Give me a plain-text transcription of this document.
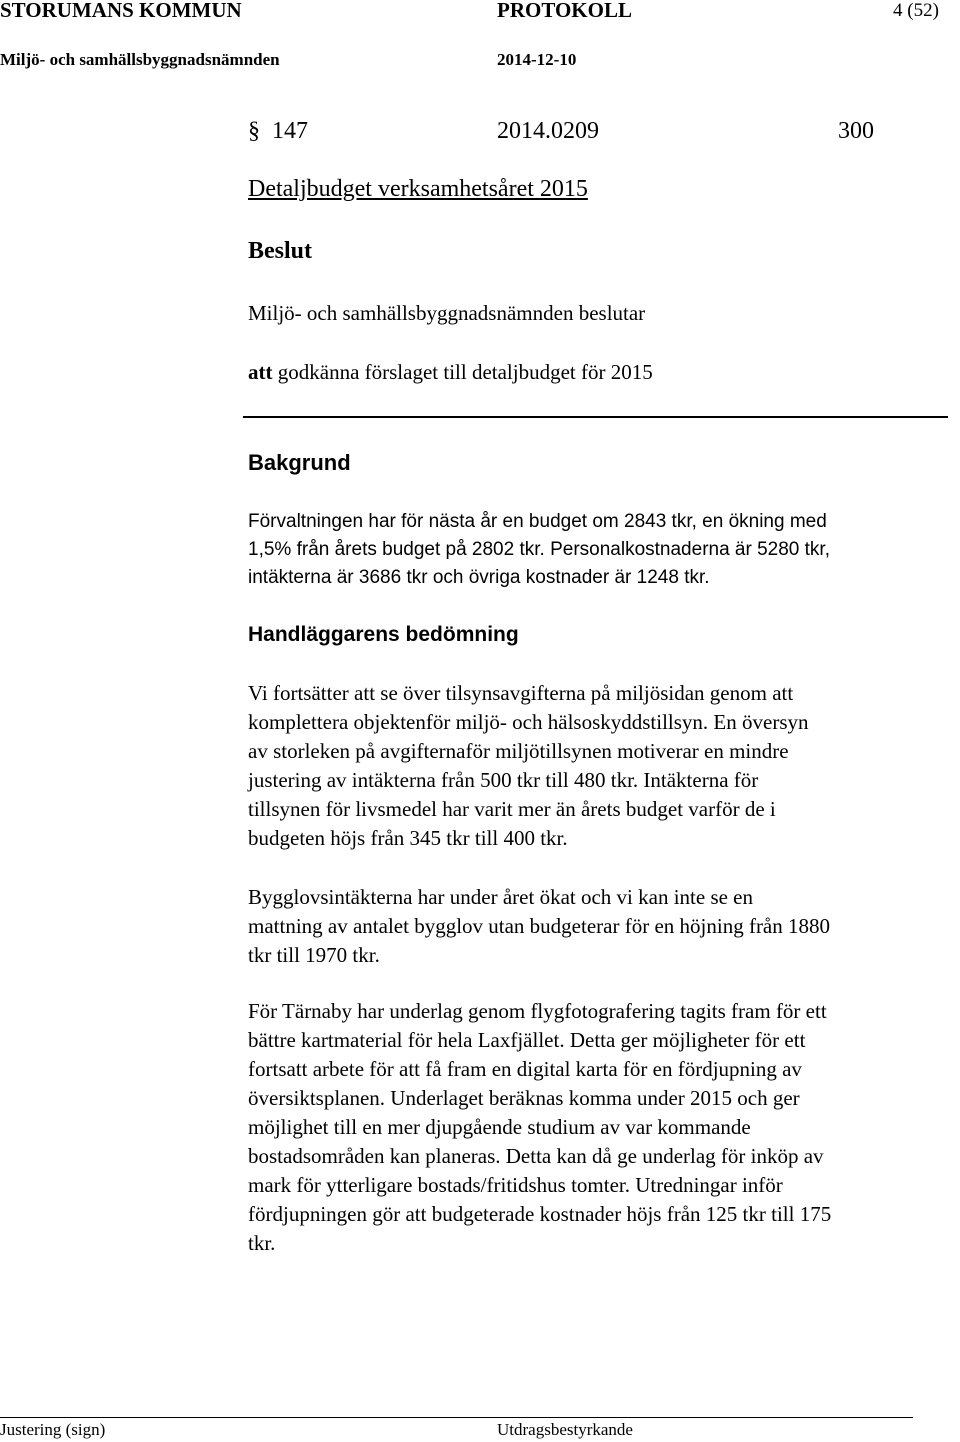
STORUMANS KOMMUN	PROTOKOLL	4 (52)
Miljö- och samhällsbyggnadsnämnden	2014-12-10
§ 147	2014.0209	300
Detaljbudget verksamhetsåret 2015
Beslut
Miljö- och samhällsbyggnadsnämnden beslutar
att godkänna förslaget till detaljbudget för 2015
Bakgrund
Förvaltningen har för nästa år en budget om 2843 tkr, en ökning med
1,5% från årets budget på 2802 tkr. Personalkostnaderna är 5280 tkr,
intäkterna är 3686 tkr och övriga kostnader är 1248 tkr.
Handläggarens bedömning
Vi fortsätter att se över tilsynsavgifterna på miljösidan genom att
komplettera objektenför miljö- och hälsoskyddstillsyn. En översyn
av storleken på avgifternaför miljötillsynen motiverar en mindre
justering av intäkterna från 500 tkr till 480 tkr. Intäkterna för
tillsynen för livsmedel har varit mer än årets budget varför de i
budgeten höjs från 345 tkr till 400 tkr.
Bygglovsintäkterna har under året ökat och vi kan inte se en
mattning av antalet bygglov utan budgeterar för en höjning från 1880
tkr till 1970 tkr.
För Tärnaby har underlag genom flygfotografering tagits fram för ett
bättre kartmaterial för hela Laxfjället. Detta ger möjligheter för ett
fortsatt arbete för att få fram en digital karta för en fördjupning av
översiktsplanen. Underlaget beräknas komma under 2015 och ger
möjlighet till en mer djupgående studium av var kommande
bostadsområden kan planeras. Detta kan då ge underlag för inköp av
mark för ytterligare bostads/fritidshus tomter. Utredningar inför
fördjupningen gör att budgeterade kostnader höjs från 125 tkr till 175
tkr.
Justering (sign)	Utdragsbestyrkande
